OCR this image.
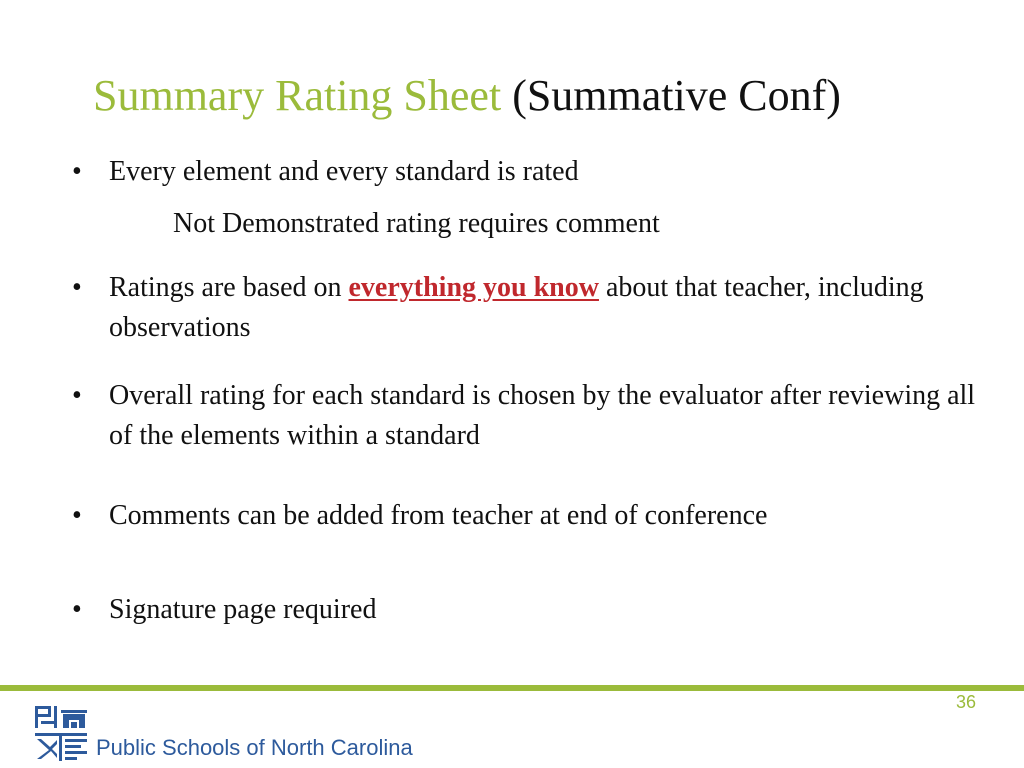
Summary Rating Sheet (Summative Conf)
• Every element and every standard is rated
Not Demonstrated rating requires comment
• Ratings are based on everything you know about that teacher, including observations
• Overall rating for each standard is chosen by the evaluator after reviewing all of the elements within a standard
• Comments can be added from teacher at end of conference
• Signature page required
36
Public Schools of North Carolina
